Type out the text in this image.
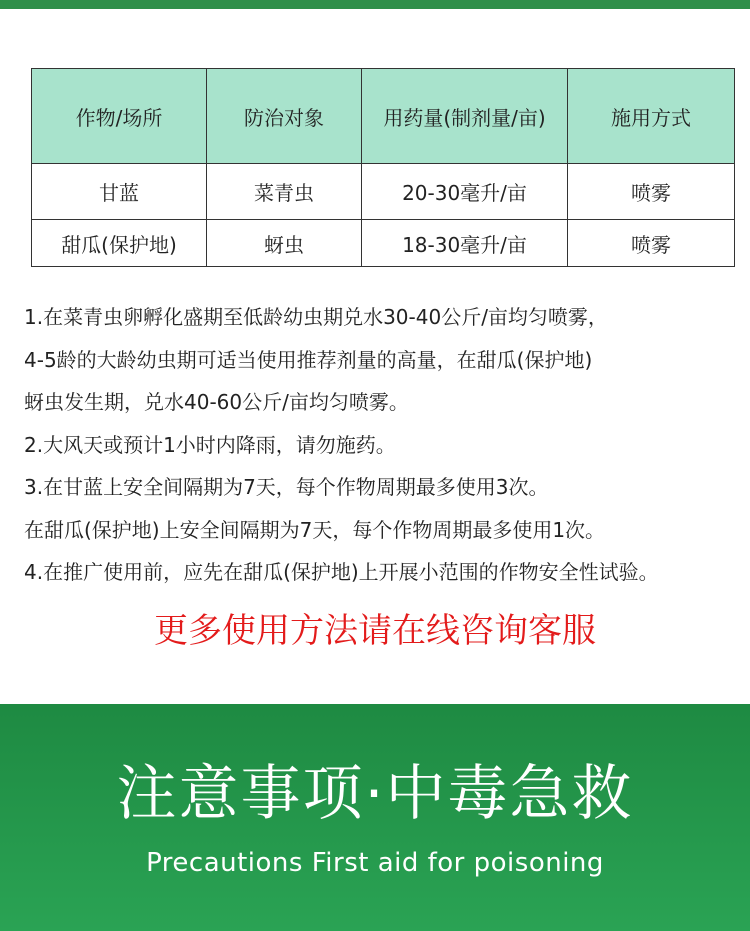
作物/场所	防治对象	用药量(制剂量/亩)	施用方式
甘蓝	菜青虫	20-30毫升/亩	喷雾
甜瓜(保护地)	蚜虫	18-30毫升/亩	喷雾
1.在菜青虫卵孵化盛期至低龄幼虫期兑水30-40公斤/亩均匀喷雾，
4-5龄的大龄幼虫期可适当使用推荐剂量的高量，在甜瓜(保护地)
蚜虫发生期，兑水40-60公斤/亩均匀喷雾。
2.大风天或预计1小时内降雨，请勿施药。
3.在甘蓝上安全间隔期为7天，每个作物周期最多使用3次。
在甜瓜(保护地)上安全间隔期为7天，每个作物周期最多使用1次。
4.在推广使用前，应先在甜瓜(保护地)上开展小范围的作物安全性试验。
更多使用方法请在线咨询客服
注意事项·中毒急救
Precautions First aid for poisoning
